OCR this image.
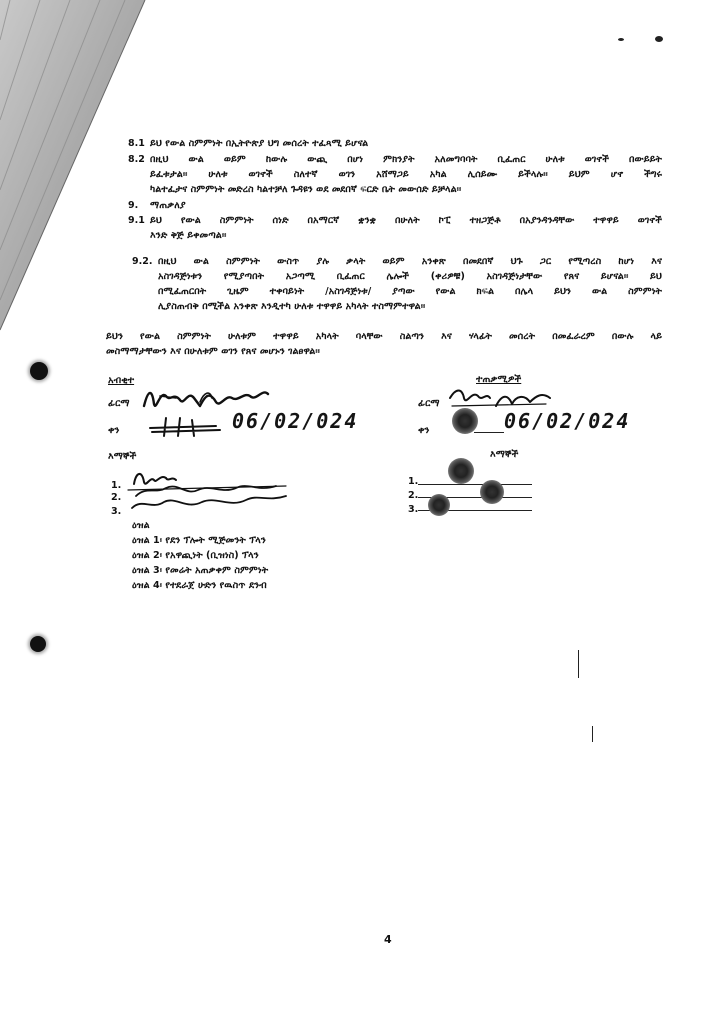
8.1 ይህ የውል ስምምነት በኢትዮጵያ ህግ መሰረት ተፈጻሚ ይሆናል
8.2 በዚህ ውል ወይም ከውሉ ውጪ በሆነ ምክንያት አለመግባባት ቢፈጠር ሁለቱ ወገኖች በውይይት
ይፈቱታል፡፡ ሁለቱ ወገኖች ስለተኛ ወገን አሸማጋይ አካል ሊሰይሙ ይችላሉ፡፡ ይህም ሆኖ ችግሩ
ካልተፈታና ስምምነት መድረስ ካልተቻለ ጉዳዩን ወደ መደበኛ ፍርድ ቤት መውሰድ ይቻላል፡፡
9. ማጠቃለያ
9.1 ይህ የውል ስምምነት ሰነድ በአማርኛ ቋንቋ በሁለት ኮፒ ተዘጋጅቶ በአያንዳንዳቸው ተዋዋይ ወገኖች
እንድ ቅጅ ይቀመጣል፡፡
9.2. በዚህ ውል ስምምነት ውስጥ ያሉ ቃላት ወይም አንቀጽ በመደበኛ ህጉ ጋር የሚጣረስ ከሆነ እና
አስገዳጅነቱን የሚያጣበት አጋጣሚ ቢፈጠር ሌሎች (ቀሪዎቹ) አስገዳጅነታቸው የጸና ይሆናል፡፡ ይህ
በሚፈጠርበት ጊዜም ተቀባይነት /አስገዳጅነቱ/ ያጣው የውል ክፍል በሌላ ይህን ውል ስምምነት
ሊያስጠብቅ በሚችል አንቀጽ እንዲተካ ሁለቱ ተዋዋይ አካላት ተስማምተዋል፡፡
ይህን የውል ስምምነት ሁለቱም ተዋዋይ አካላት ባላቸው ስልጣን እና ሃላፊት መሰረት በመፈራረም በውሉ ላይ
መስማማታቸውን እና በሁለቱም ወገን የጸና መሆኑን ገልፀዋል፡፡
አብቂተ
ፊርማ
ቀን	06/02/024
እማኞች
1.
2.
3.
ዕዝል
ዕዝል 1፡ የደን ፕሎት ሚጅመንት ፕላን
ዕዝል 2፡ የአዋጪነት (ቢዝነስ) ፕላን
ዕዝል 3፡ የመሬት አጠቃቀም ስምምነት
ዕዝል 4፡ የተደራጀ ሁድን የዉስጥ ደንብ
ተጠቃሚዎች
ፊርማ
ቀን	06/02/024
እማኞች
1.
2.
3.
4
